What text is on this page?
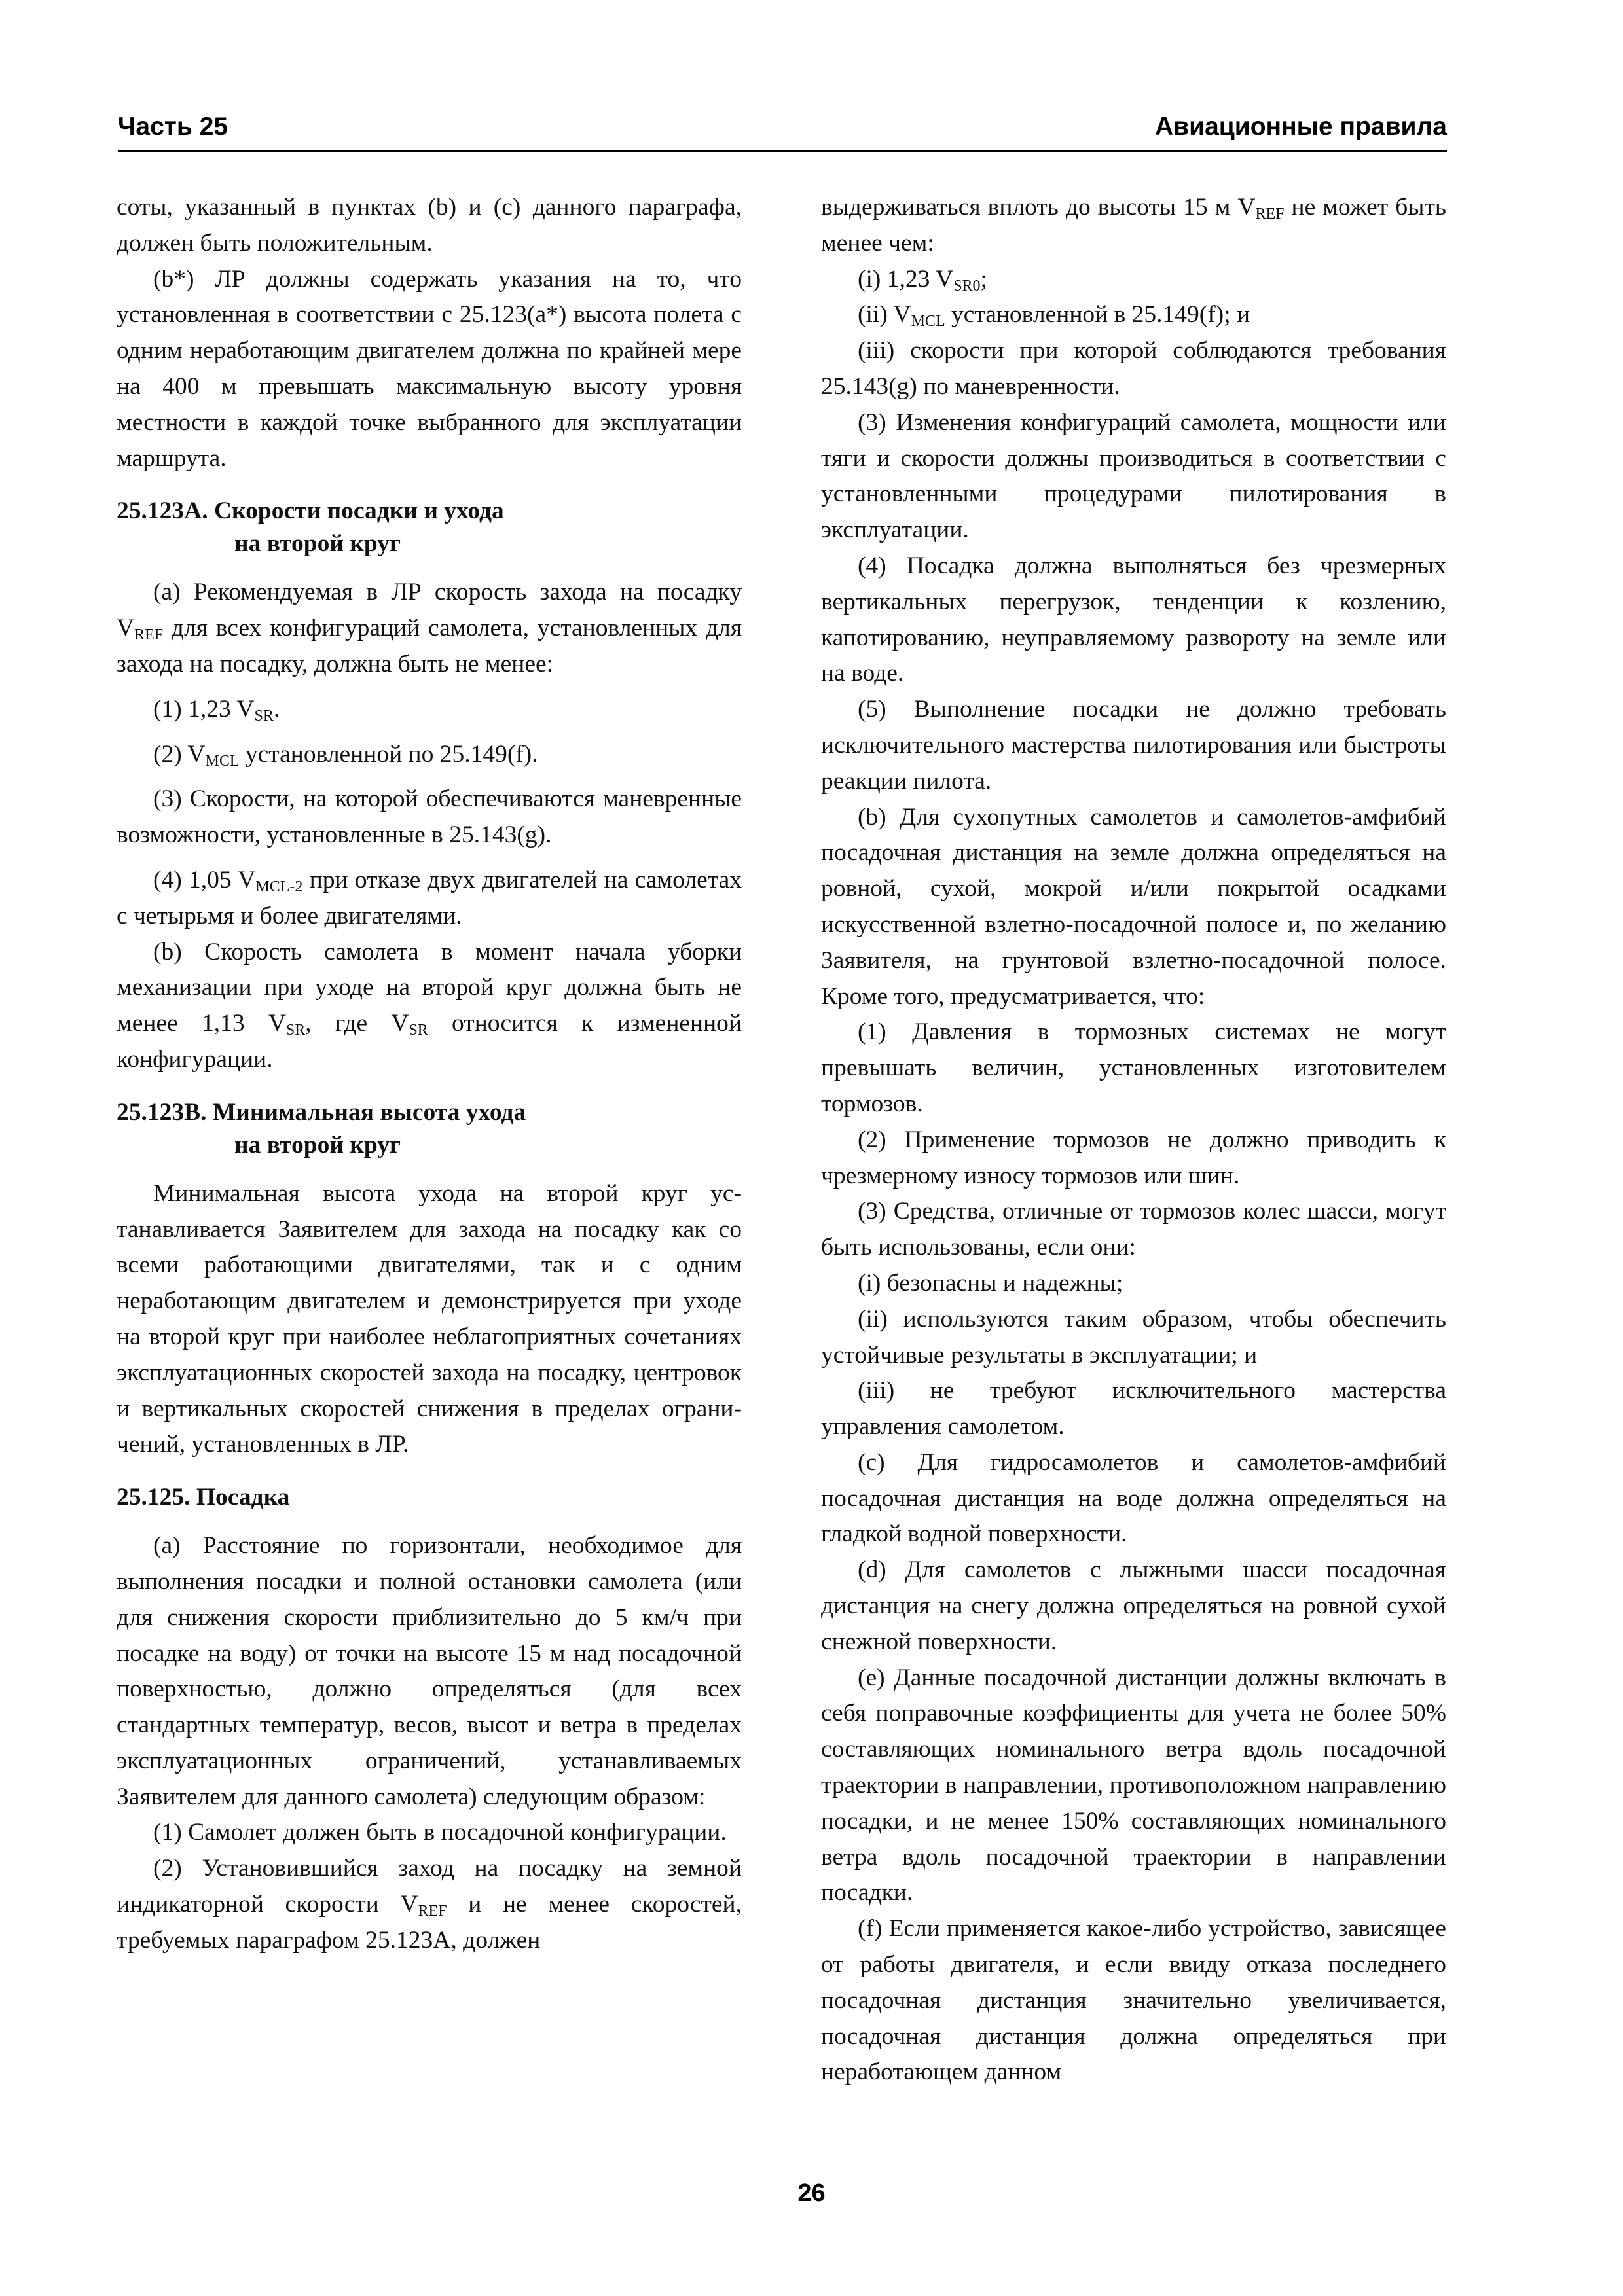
Часть 25	Авиационные правила

соты, указанный в пунктах (b) и (c) данного параграфа, должен быть положительным.

(b*) ЛР должны содержать указания на то, что установленная в соответствии с 25.123(а*) высота полета с одним неработающим двигателем должна по крайней мере на 400 м превышать максимальную высоту уровня местности в каждой точке выбранного для эксплуатации маршрута.

25.123А. Скорости посадки и ухода
на второй круг

(a) Рекомендуемая в ЛР скорость захода на посадку $V_{REF}$ для всех конфигураций самолета, установленных для захода на посадку, должна быть не менее:

(1) 1,23 $V_{SR}$.

(2) $V_{MCL}$ установленной по 25.149(f).

(3) Скорости, на которой обеспечиваются маневренные возможности, установленные в 25.143(g).

(4) 1,05 $V_{MCL-2}$ при отказе двух двигателей на самолетах с четырьмя и более двигателями.

(b) Скорость самолета в момент начала уборки механизации при уходе на второй круг должна быть не менее 1,13 $V_{SR}$, где $V_{SR}$ относится к измененной конфигурации.

25.123В. Минимальная высота ухода
на второй круг

Минимальная высота ухода на второй круг устанавливается Заявителем для захода на посадку как со всеми работающими двигателями, так и с одним неработающим двигателем и демонстрируется при уходе на второй круг при наиболее неблагоприятных сочетаниях эксплуатационных скоростей захода на посадку, центровок и вертикальных скоростей снижения в пределах ограничений, установленных в ЛР.

25.125. Посадка

(a) Расстояние по горизонтали, необходимое для выполнения посадки и полной остановки самолета (или для снижения скорости приблизительно до 5 км/ч при посадке на воду) от точки на высоте 15 м над посадочной поверхностью, должно определяться (для всех стандартных температур, весов, высот и ветра в пределах эксплуатационных ограничений, устанавливаемых Заявителем для данного самолета) следующим образом:

(1) Самолет должен быть в посадочной конфигурации.

(2) Установившийся заход на посадку на земной индикаторной скорости $V_{REF}$ и не менее скоростей, требуемых параграфом 25.123А, должен

выдерживаться вплоть до высоты 15 м $V_{REF}$ не может быть менее чем:

(i) 1,23 $V_{SR0}$;

(ii) $V_{MCL}$ установленной в 25.149(f); и

(iii) скорости при которой соблюдаются требования 25.143(g) по маневренности.

(3) Изменения конфигураций самолета, мощности или тяги и скорости должны производиться в соответствии с установленными процедурами пилотирования в эксплуатации.

(4) Посадка должна выполняться без чрезмерных вертикальных перегрузок, тенденции к козлению, капотированию, неуправляемому развороту на земле или на воде.

(5) Выполнение посадки не должно требовать исключительного мастерства пилотирования или быстроты реакции пилота.

(b) Для сухопутных самолетов и самолетов-амфибий посадочная дистанция на земле должна определяться на ровной, сухой, мокрой и/или покрытой осадками искусственной взлетно-посадочной полосе и, по желанию Заявителя, на грунтовой взлетно-посадочной полосе. Кроме того, предусматривается, что:

(1) Давления в тормозных системах не могут превышать величин, установленных изготовителем тормозов.

(2) Применение тормозов не должно приводить к чрезмерному износу тормозов или шин.

(3) Средства, отличные от тормозов колес шасси, могут быть использованы, если они:

(i) безопасны и надежны;

(ii) используются таким образом, чтобы обеспечить устойчивые результаты в эксплуатации; и

(iii) не требуют исключительного мастерства управления самолетом.

(c) Для гидросамолетов и самолетов-амфибий посадочная дистанция на воде должна определяться на гладкой водной поверхности.

(d) Для самолетов с лыжными шасси посадочная дистанция на снегу должна определяться на ровной сухой снежной поверхности.

(e) Данные посадочной дистанции должны включать в себя поправочные коэффициенты для учета не более 50% составляющих номинального ветра вдоль посадочной траектории в направлении, противоположном направлению посадки, и не менее 150% составляющих номинального ветра вдоль посадочной траектории в направлении посадки.

(f) Если применяется какое-либо устройство, зависящее от работы двигателя, и если ввиду отказа последнего посадочная дистанция значительно увеличивается, посадочная дистанция должна определяться при неработающем данном

26
